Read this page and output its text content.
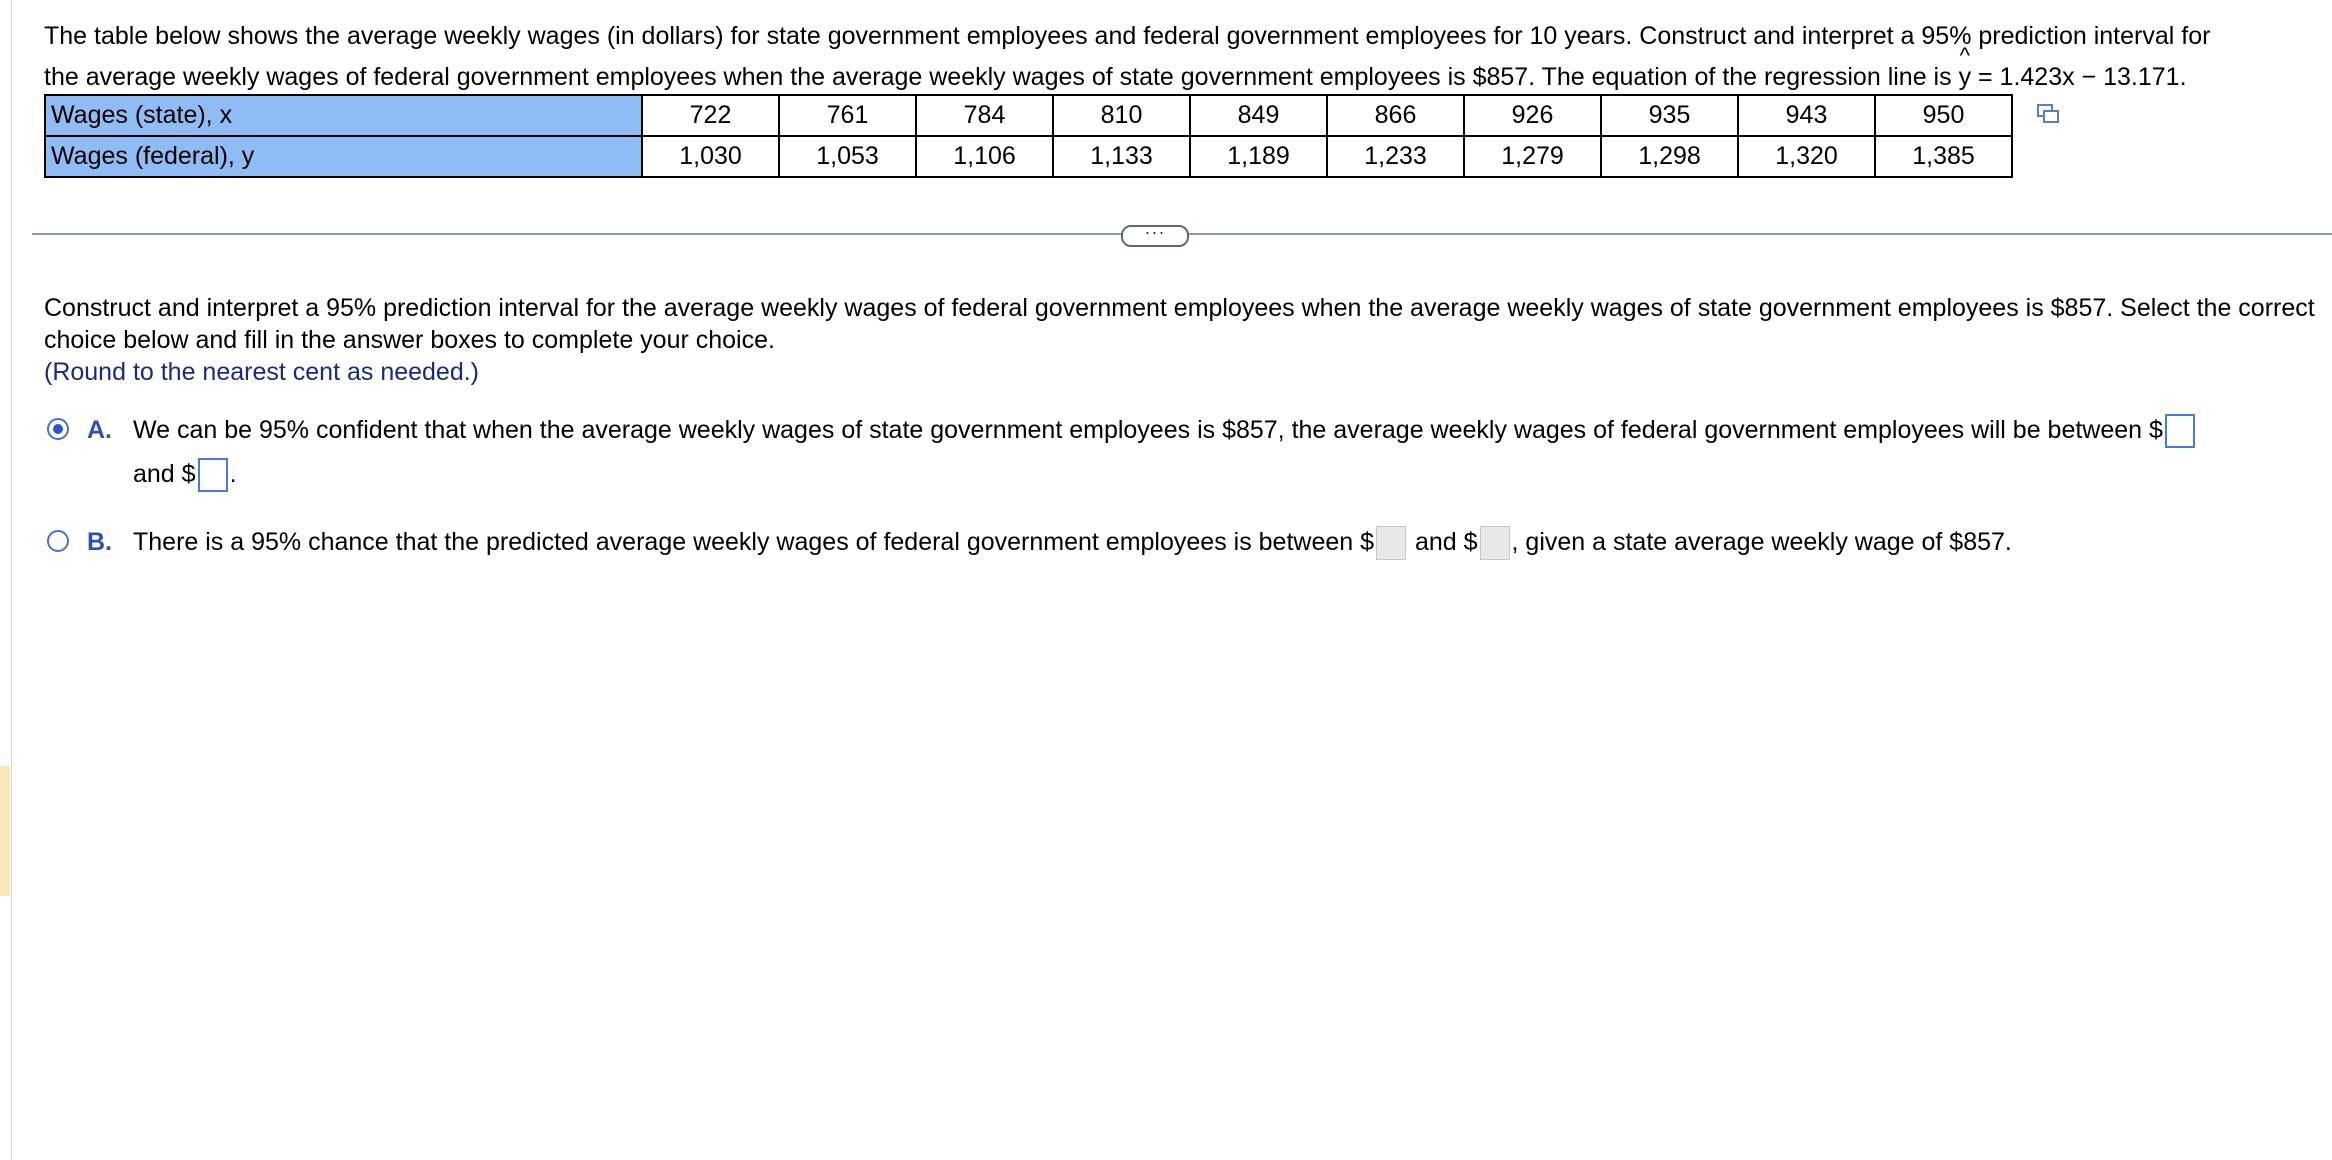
The table below shows the average weekly wages (in dollars) for state government employees and federal government employees for 10 years. Construct and interpret a 95% prediction interval for
the average weekly wages of federal government employees when the average weekly wages of state government employees is $857. The equation of the regression line is ^ y = 1.423x − 13.171.
Wages (state), x	722	761	784	810	849	866	926	935	943	950
Wages (federal), y	1,030	1,053	1,106	1,133	1,189	1,233	1,279	1,298	1,320	1,385
···
Construct and interpret a 95% prediction interval for the average weekly wages of federal government employees when the average weekly wages of state government employees is $857. Select the correct choice below and fill in the answer boxes to complete your choice.
(Round to the nearest cent as needed.)
A. We can be 95% confident that when the average weekly wages of state government employees is $857, the average weekly wages of federal government employees will be between $
and $ .
B. There is a 95% chance that the predicted average weekly wages of federal government employees is between $ and $ , given a state average weekly wage of $857.
